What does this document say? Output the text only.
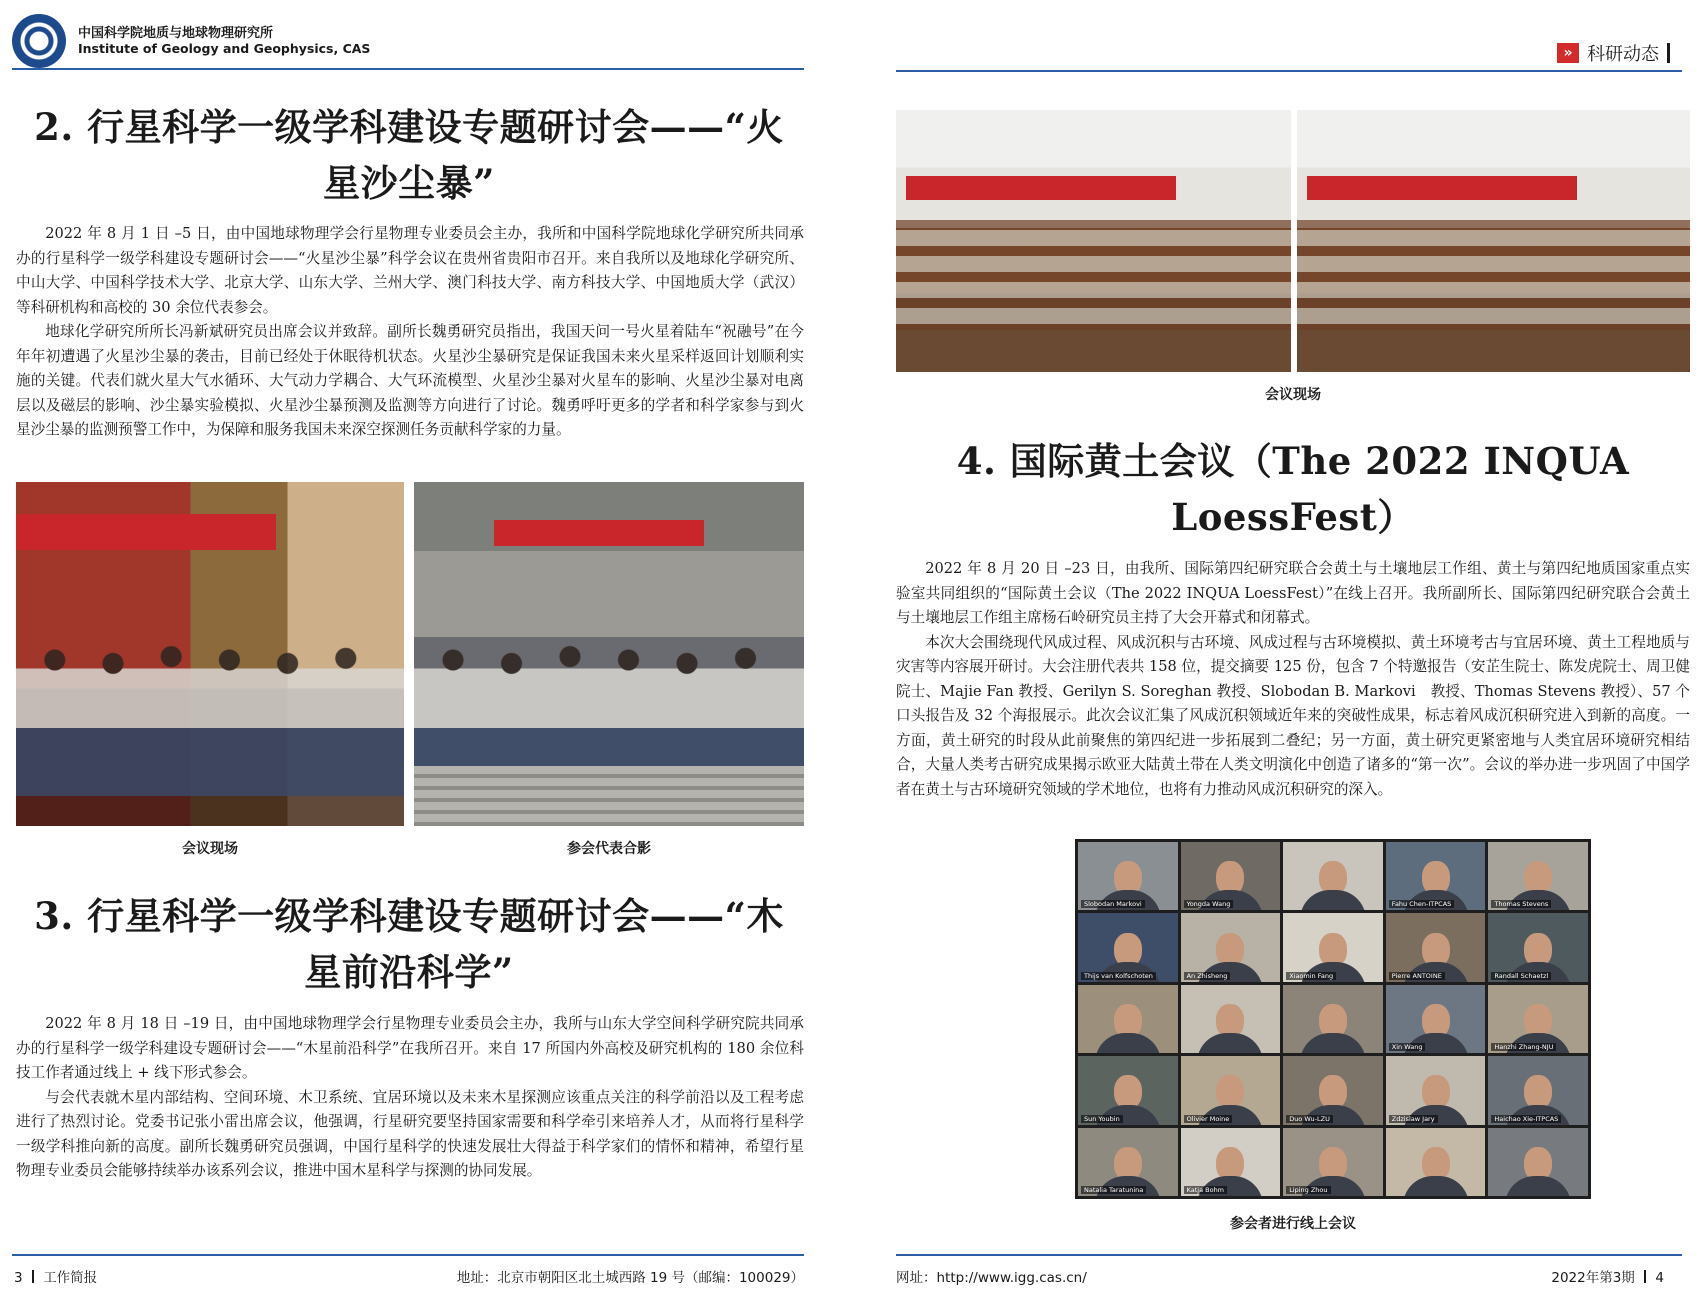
中国科学院地质与地球物理研究所
Institute of Geology and Geophysics, CAS
2. 行星科学一级学科建设专题研讨会——“火
星沙尘暴”

2022 年 8 月 1 日 –5 日，由中国地球物理学会行星物理专业委员会主办，我所和中国科学院地球化学研究所共同承办的行星科学一级学科建设专题研讨会——“火星沙尘暴”科学会议在贵州省贵阳市召开。来自我所以及地球化学研究所、中山大学、中国科学技术大学、北京大学、山东大学、兰州大学、澳门科技大学、南方科技大学、中国地质大学（武汉）等科研机构和高校的 30 余位代表参会。

地球化学研究所所长冯新斌研究员出席会议并致辞。副所长魏勇研究员指出，我国天问一号火星着陆车“祝融号”在今年年初遭遇了火星沙尘暴的袭击，目前已经处于休眠待机状态。火星沙尘暴研究是保证我国未来火星采样返回计划顺利实施的关键。代表们就火星大气水循环、大气动力学耦合、大气环流模型、火星沙尘暴对火星车的影响、火星沙尘暴对电离层以及磁层的影响、沙尘暴实验模拟、火星沙尘暴预测及监测等方向进行了讨论。魏勇呼吁更多的学者和科学家参与到火星沙尘暴的监测预警工作中，为保障和服务我国未来深空探测任务贡献科学家的力量。

会议现场	参会代表合影
3. 行星科学一级学科建设专题研讨会——“木
星前沿科学”

2022 年 8 月 18 日 –19 日，由中国地球物理学会行星物理专业委员会主办，我所与山东大学空间科学研究院共同承办的行星科学一级学科建设专题研讨会——“木星前沿科学”在我所召开。来自 17 所国内外高校及研究机构的 180 余位科技工作者通过线上 + 线下形式参会。

与会代表就木星内部结构、空间环境、木卫系统、宜居环境以及未来木星探测应该重点关注的科学前沿以及工程考虑进行了热烈讨论。党委书记张小雷出席会议，他强调，行星研究要坚持国家需要和科学牵引来培养人才，从而将行星科学一级学科推向新的高度。副所长魏勇研究员强调，中国行星科学的快速发展壮大得益于科学家们的情怀和精神，希望行星物理专业委员会能够持续举办该系列会议，推进中国木星科学与探测的协同发展。

3 工作简报	地址：北京市朝阳区北土城西路 19 号（邮编：100029）
» 科研动态
会议现场
4. 国际黄土会议（The 2022 INQUA
LoessFest）

2022 年 8 月 20 日 –23 日，由我所、国际第四纪研究联合会黄土与土壤地层工作组、黄土与第四纪地质国家重点实验室共同组织的“国际黄土会议（The 2022 INQUA LoessFest）”在线上召开。我所副所长、国际第四纪研究联合会黄土与土壤地层工作组主席杨石岭研究员主持了大会开幕式和闭幕式。

本次大会围绕现代风成过程、风成沉积与古环境、风成过程与古环境模拟、黄土环境考古与宜居环境、黄土工程地质与灾害等内容展开研讨。大会注册代表共 158 位，提交摘要 125 份，包含 7 个特邀报告（安芷生院士、陈发虎院士、周卫健院士、Majie Fan 教授、Gerilyn S. Soreghan 教授、Slobodan B. Markovi　教授、Thomas Stevens 教授）、57 个口头报告及 32 个海报展示。此次会议汇集了风成沉积领域近年来的突破性成果，标志着风成沉积研究进入到新的高度。一方面，黄土研究的时段从此前聚焦的第四纪进一步拓展到二叠纪；另一方面，黄土研究更紧密地与人类宜居环境研究相结合，大量人类考古研究成果揭示欧亚大陆黄土带在人类文明演化中创造了诸多的“第一次”。会议的举办进一步巩固了中国学者在黄土与古环境研究领域的学术地位，也将有力推动风成沉积研究的深入。

参会者进行线上会议
网址：http://www.igg.cas.cn/	2022年第3期 4
Slobodan Markovi	Yongda Wang	Fahu Chen-ITPCAS	Thomas Stevens
Thijs van Kolfschoten	An Zhisheng	Xiaomin Fang	Pierre ANTOINE	Randall Schaetzl
Xin Wang	Hanzhi Zhang-NJU
Sun Youbin	Olivier Moine	Duo Wu-LZU	Zdzislaw Jary	Haichao Xie-ITPCAS
Natalia Taratunina	Katja Bohm	Liping Zhou
